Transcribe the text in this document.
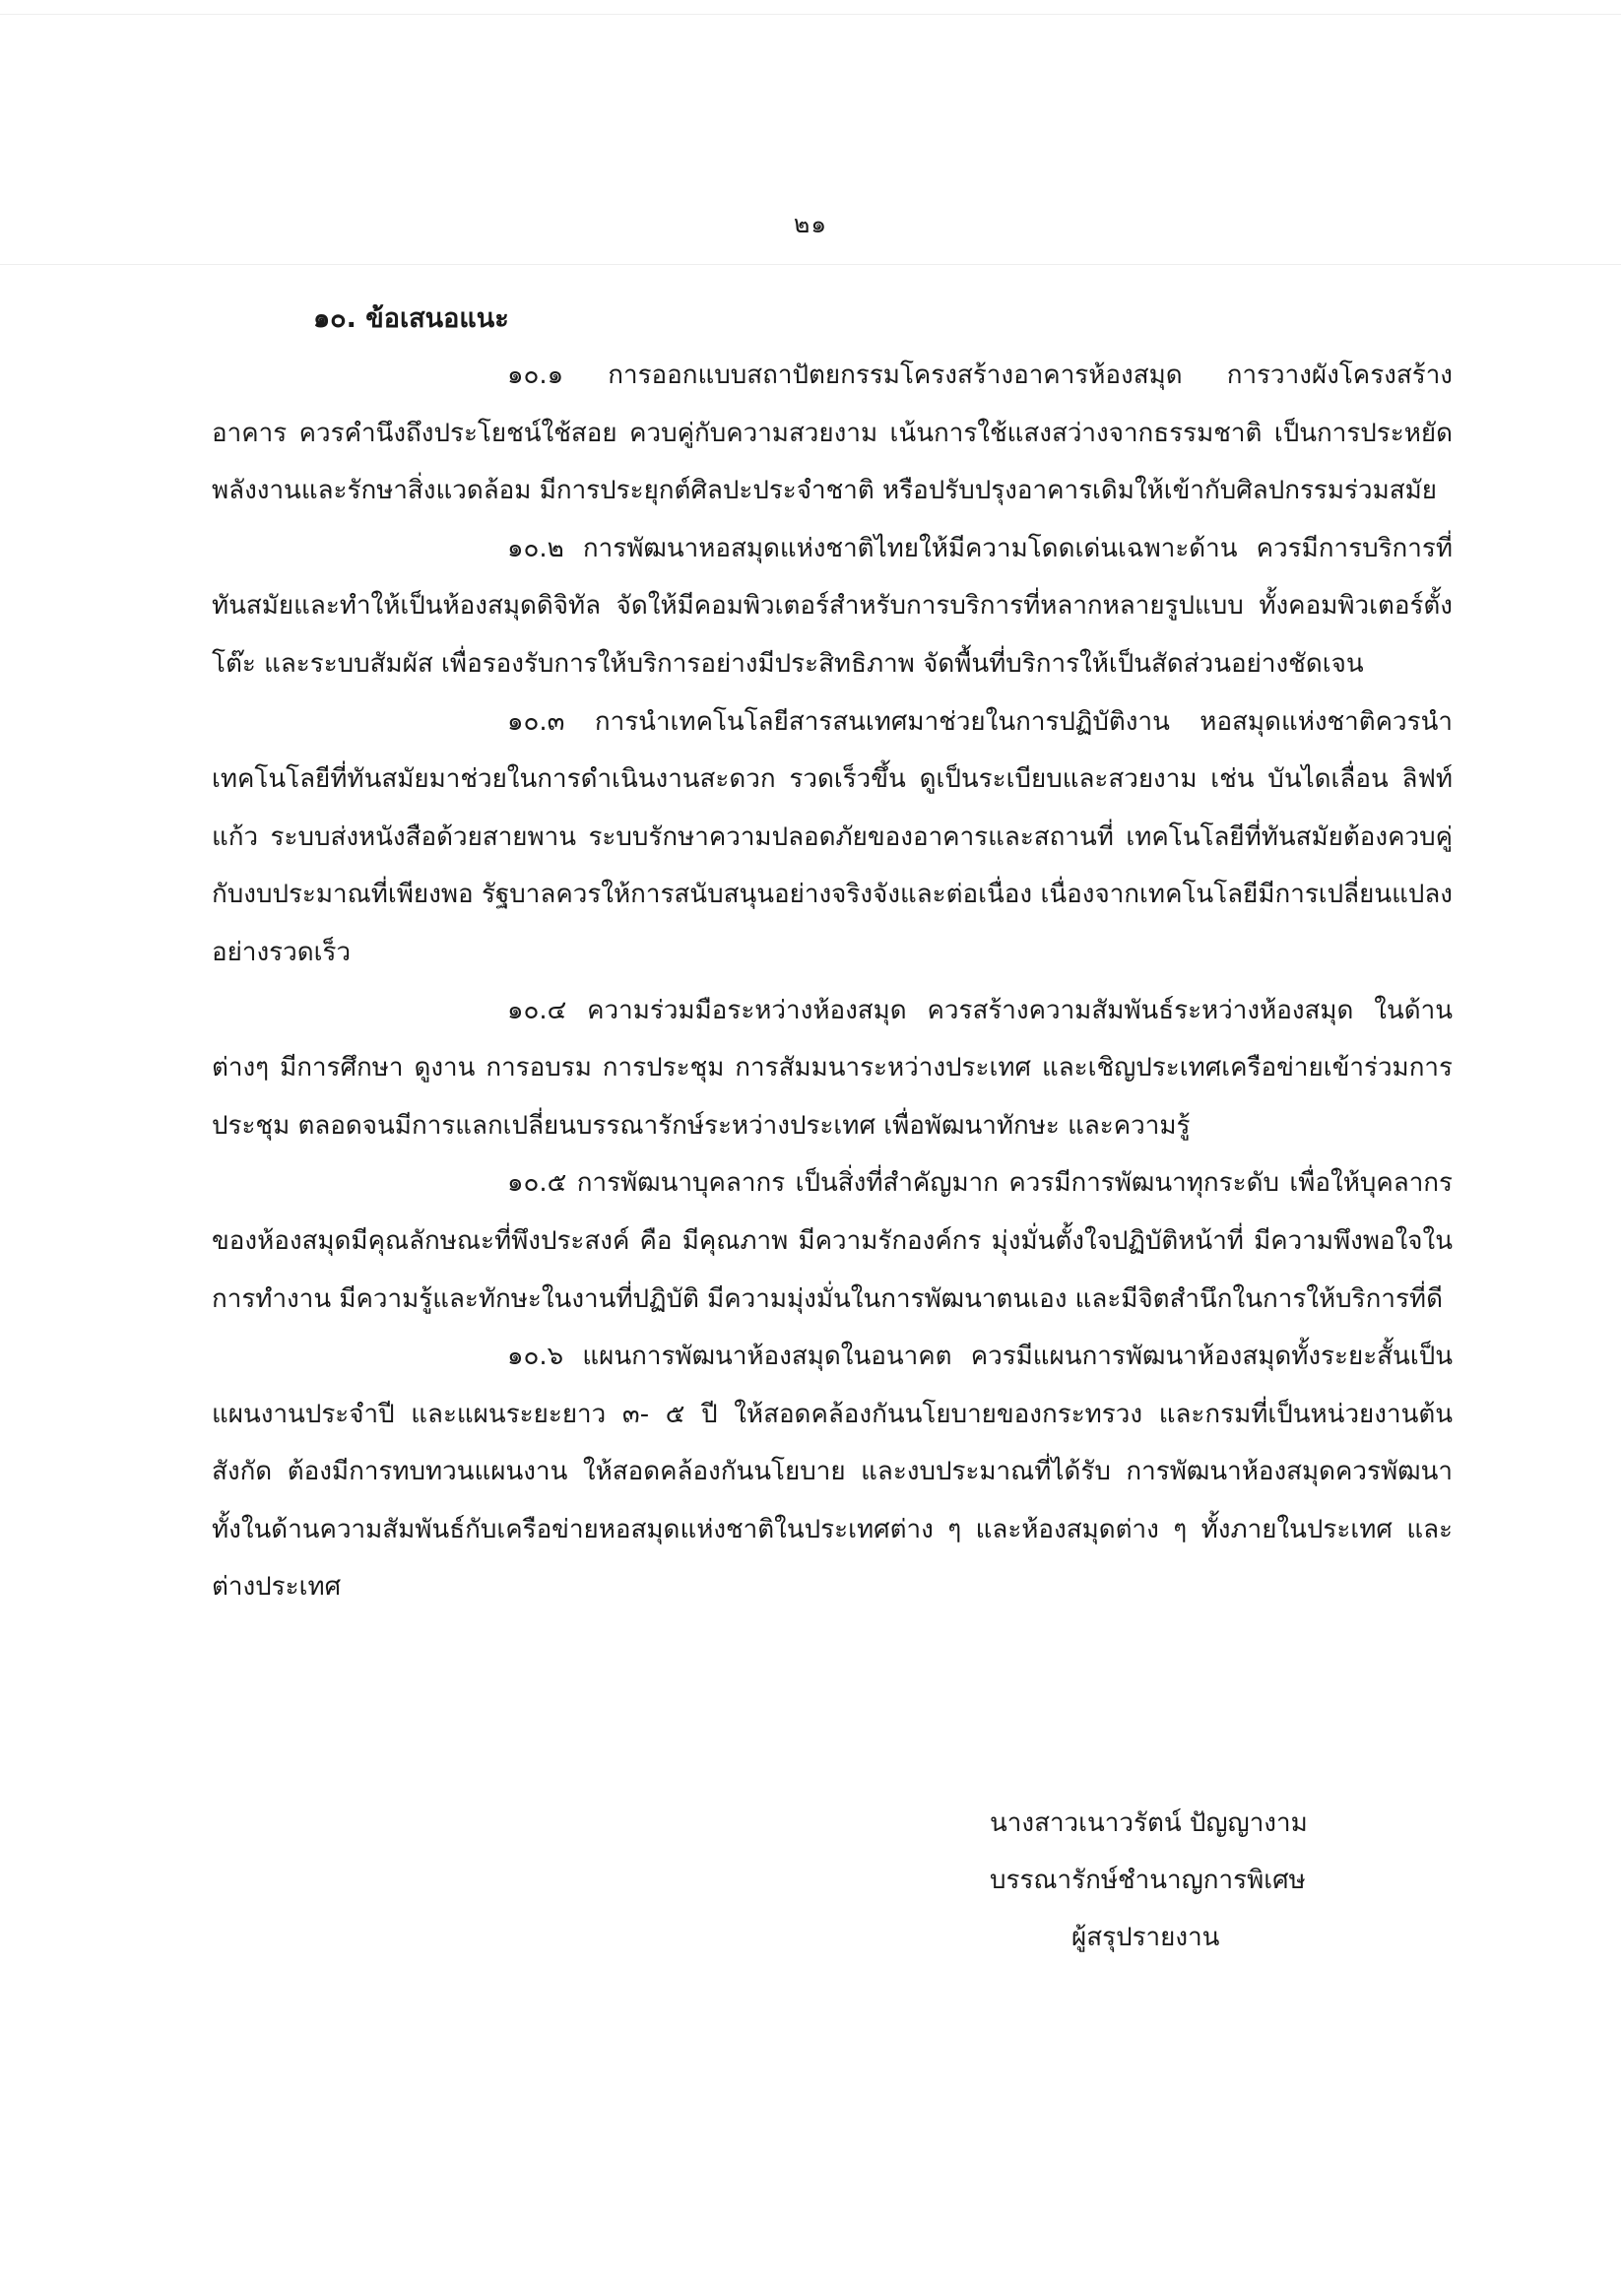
๒๑
๑๐. ข้อเสนอแนะ

๑๐.๑ การออกแบบสถาปัตยกรรมโครงสร้างอาคารห้องสมุด การวางผังโครงสร้างอาคาร ควรคำนึงถึงประโยชน์ใช้สอย ควบคู่กับความสวยงาม เน้นการใช้แสงสว่างจากธรรมชาติ เป็นการประหยัดพลังงานและรักษาสิ่งแวดล้อม มีการประยุกต์ศิลปะประจำชาติ หรือปรับปรุงอาคารเดิมให้เข้ากับศิลปกรรมร่วมสมัย

๑๐.๒ การพัฒนาหอสมุดแห่งชาติไทยให้มีความโดดเด่นเฉพาะด้าน ควรมีการบริการที่ทันสมัยและทำให้เป็นห้องสมุดดิจิทัล จัดให้มีคอมพิวเตอร์สำหรับการบริการที่หลากหลายรูปแบบ ทั้งคอมพิวเตอร์ตั้งโต๊ะ และระบบสัมผัส เพื่อรองรับการให้บริการอย่างมีประสิทธิภาพ จัดพื้นที่บริการให้เป็นสัดส่วนอย่างชัดเจน

๑๐.๓ การนำเทคโนโลยีสารสนเทศมาช่วยในการปฏิบัติงาน หอสมุดแห่งชาติควรนำเทคโนโลยีที่ทันสมัยมาช่วยในการดำเนินงานสะดวก รวดเร็วขึ้น ดูเป็นระเบียบและสวยงาม เช่น บันไดเลื่อน ลิฟท์แก้ว ระบบส่งหนังสือด้วยสายพาน ระบบรักษาความปลอดภัยของอาคารและสถานที่ เทคโนโลยีที่ทันสมัยต้องควบคู่กับงบประมาณที่เพียงพอ รัฐบาลควรให้การสนับสนุนอย่างจริงจังและต่อเนื่อง เนื่องจากเทคโนโลยีมีการเปลี่ยนแปลงอย่างรวดเร็ว

๑๐.๔ ความร่วมมือระหว่างห้องสมุด ควรสร้างความสัมพันธ์ระหว่างห้องสมุด ในด้านต่างๆ มีการศึกษา ดูงาน การอบรม การประชุม การสัมมนาระหว่างประเทศ และเชิญประเทศเครือข่ายเข้าร่วมการประชุม ตลอดจนมีการแลกเปลี่ยนบรรณารักษ์ระหว่างประเทศ เพื่อพัฒนาทักษะ และความรู้

๑๐.๕ การพัฒนาบุคลากร เป็นสิ่งที่สำคัญมาก ควรมีการพัฒนาทุกระดับ เพื่อให้บุคลากรของห้องสมุดมีคุณลักษณะที่พึงประสงค์ คือ มีคุณภาพ มีความรักองค์กร มุ่งมั่นตั้งใจปฏิบัติหน้าที่ มีความพึงพอใจในการทำงาน มีความรู้และทักษะในงานที่ปฏิบัติ มีความมุ่งมั่นในการพัฒนาตนเอง และมีจิตสำนึกในการให้บริการที่ดี

๑๐.๖ แผนการพัฒนาห้องสมุดในอนาคต ควรมีแผนการพัฒนาห้องสมุดทั้งระยะสั้นเป็นแผนงานประจำปี และแผนระยะยาว ๓- ๕ ปี ให้สอดคล้องกันนโยบายของกระทรวง และกรมที่เป็นหน่วยงานต้นสังกัด ต้องมีการทบทวนแผนงาน ให้สอดคล้องกันนโยบาย และงบประมาณที่ได้รับ การพัฒนาห้องสมุดควรพัฒนาทั้งในด้านความสัมพันธ์กับเครือข่ายหอสมุดแห่งชาติในประเทศต่าง ๆ และห้องสมุดต่าง ๆ ทั้งภายในประเทศ และต่างประเทศ

นางสาวเนาวรัตน์ ปัญญางาม
บรรณารักษ์ชำนาญการพิเศษ
ผู้สรุปรายงาน
